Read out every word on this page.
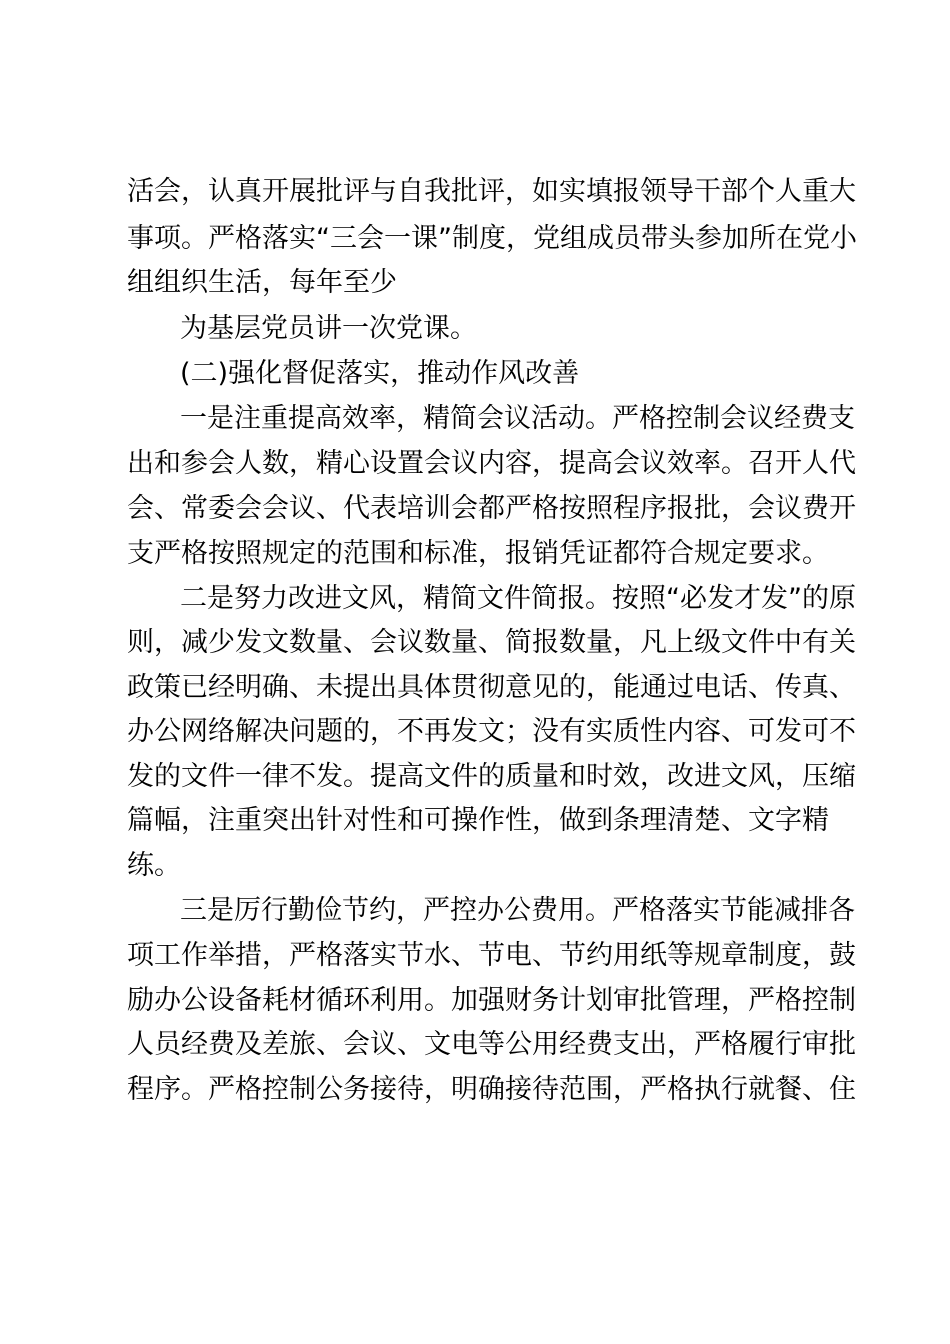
活会，认真开展批评与自我批评，如实填报领导干部个人重大
事项。严格落实“三会一课”制度，党组成员带头参加所在党小
组组织生活，每年至少
为基层党员讲一次党课。
(二)强化督促落实，推动作风改善
一是注重提高效率，精简会议活动。严格控制会议经费支
出和参会人数，精心设置会议内容，提高会议效率。召开人代
会、常委会会议、代表培训会都严格按照程序报批，会议费开
支严格按照规定的范围和标准，报销凭证都符合规定要求。
二是努力改进文风，精简文件简报。按照“必发才发”的原
则，减少发文数量、会议数量、简报数量，凡上级文件中有关
政策已经明确、未提出具体贯彻意见的，能通过电话、传真、
办公网络解决问题的，不再发文；没有实质性内容、可发可不
发的文件一律不发。提高文件的质量和时效，改进文风，压缩
篇幅，注重突出针对性和可操作性，做到条理清楚、文字精
练。
三是厉行勤俭节约，严控办公费用。严格落实节能减排各
项工作举措，严格落实节水、节电、节约用纸等规章制度，鼓
励办公设备耗材循环利用。加强财务计划审批管理，严格控制
人员经费及差旅、会议、文电等公用经费支出，严格履行审批
程序。严格控制公务接待，明确接待范围，严格执行就餐、住
